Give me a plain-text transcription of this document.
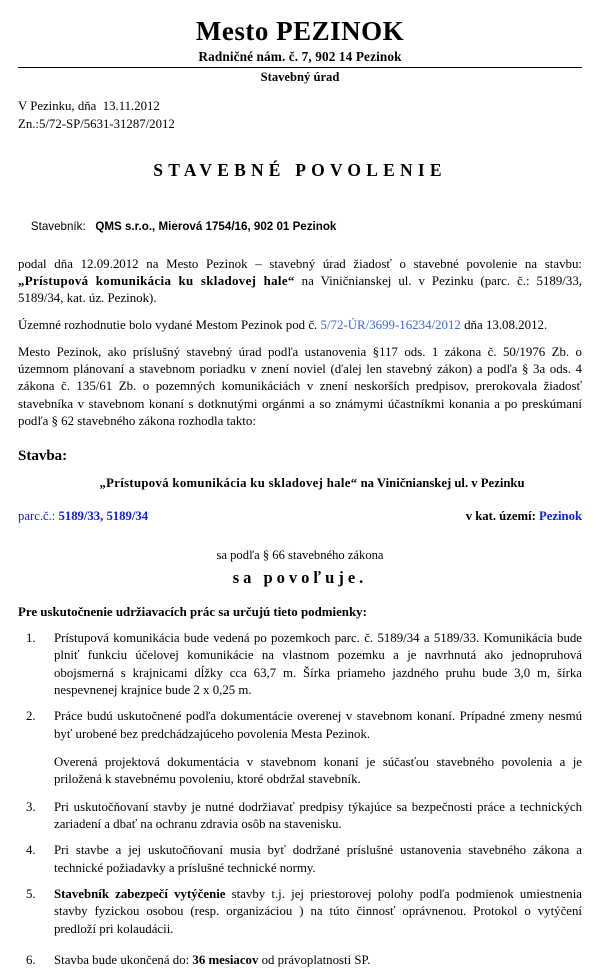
Mesto PEZINOK
Radničné nám. č. 7, 902 14 Pezinok
Stavebný úrad
V Pezinku, dňa  13.11.2012
Zn.:5/72-SP/5631-31287/2012
STAVEBNÉ POVOLENIE

Stavebník: QMS s.r.o., Mierová 1754/16, 902 01 Pezinok

podal dňa 12.09.2012 na Mesto Pezinok – stavebný úrad žiadosť o stavebné povolenie na stavbu: „Prístupová komunikácia ku skladovej hale“ na Viničnianskej ul. v Pezinku (parc. č.: 5189/33, 5189/34, kat. úz. Pezinok).

Územné rozhodnutie bolo vydané Mestom Pezinok pod č. 5/72-ÚR/3699-16234/2012 dňa 13.08.2012.

Mesto Pezinok, ako príslušný stavebný úrad podľa ustanovenia §117 ods. 1 zákona č. 50/1976 Zb. o územnom plánovaní a stavebnom poriadku v znení noviel (ďalej len stavebný zákon) a podľa § 3a ods. 4 zákona č. 135/61 Zb. o pozemných komunikáciách v znení neskorších predpisov, prerokovala žiadosť stavebníka v stavebnom konaní s dotknutými orgánmi a so známymi účastníkmi konania a po preskúmaní podľa § 62 stavebného zákona rozhodla takto:

Stavba:
„Prístupová komunikácia ku skladovej hale“ na Viničnianskej ul. v Pezinku
parc.č.: 5189/33, 5189/34	v kat. území: Pezinok
sa podľa § 66 stavebného zákona
sa povoľuje.
Pre uskutočnenie udržiavacích prác sa určujú tieto podmienky:
1. Prístupová komunikácia bude vedená po pozemkoch parc. č. 5189/34 a 5189/33. Komunikácia bude plniť funkciu účelovej komunikácie na vlastnom pozemku a je navrhnutá ako jednopruhová obojsmerná s krajnicami dĺžky cca 63,7 m. Šírka priameho jazdného pruhu bude 3,0 m, šírka nespevnenej krajnice bude 2 x 0,25 m.
2. Práce budú uskutočnené podľa dokumentácie overenej v stavebnom konaní. Prípadné zmeny nesmú byť urobené bez predchádzajúceho povolenia Mesta Pezinok.

Overená projektová dokumentácia v stavebnom konaní je súčasťou stavebného povolenia a je priložená k stavebnému povoleniu, ktoré obdržal stavebník.

3. Pri uskutočňovaní stavby je nutné dodržiavať predpisy týkajúce sa bezpečnosti práce a technických zariadení a dbať na ochranu zdravia osôb na stavenisku.
4. Pri stavbe a jej uskutočňovaní musia byť dodržané príslušné ustanovenia stavebného zákona a technické požiadavky a príslušné technické normy.
5. Stavebník zabezpečí vytýčenie stavby t.j. jej priestorovej polohy podľa podmienok umiestnenia stavby fyzickou osobou (resp. organizáciou ) na túto činnosť oprávnenou. Protokol o vytýčení predloží pri kolaudácii.
6. Stavba bude ukončená do: 36 mesiacov od právoplatnosti SP.
